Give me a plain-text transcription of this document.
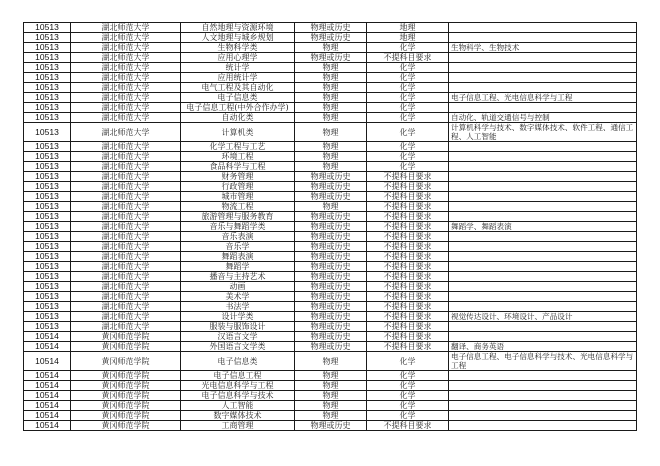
10513	湖北师范大学	自然地理与资源环境	物理或历史	地理	
10513	湖北师范大学	人文地理与城乡规划	物理或历史	地理	
10513	湖北师范大学	生物科学类	物理	化学	生物科学、生物技术
10513	湖北师范大学	应用心理学	物理或历史	不提科目要求	
10513	湖北师范大学	统计学	物理	化学	
10513	湖北师范大学	应用统计学	物理	化学	
10513	湖北师范大学	电气工程及其自动化	物理	化学	
10513	湖北师范大学	电子信息类	物理	化学	电子信息工程、光电信息科学与工程
10513	湖北师范大学	电子信息工程(中外合作办学)	物理	化学	
10513	湖北师范大学	自动化类	物理	化学	自动化、轨道交通信号与控制
10513	湖北师范大学	计算机类	物理	化学	计算机科学与技术、数字媒体技术、软件工程、通信工程、人工智能
10513	湖北师范大学	化学工程与工艺	物理	化学	
10513	湖北师范大学	环境工程	物理	化学	
10513	湖北师范大学	食品科学与工程	物理	化学	
10513	湖北师范大学	财务管理	物理或历史	不提科目要求	
10513	湖北师范大学	行政管理	物理或历史	不提科目要求	
10513	湖北师范大学	城市管理	物理或历史	不提科目要求	
10513	湖北师范大学	物流工程	物理	不提科目要求	
10513	湖北师范大学	旅游管理与服务教育	物理或历史	不提科目要求	
10513	湖北师范大学	音乐与舞蹈学类	物理或历史	不提科目要求	舞蹈学、舞蹈表演
10513	湖北师范大学	音乐表演	物理或历史	不提科目要求	
10513	湖北师范大学	音乐学	物理或历史	不提科目要求	
10513	湖北师范大学	舞蹈表演	物理或历史	不提科目要求	
10513	湖北师范大学	舞蹈学	物理或历史	不提科目要求	
10513	湖北师范大学	播音与主持艺术	物理或历史	不提科目要求	
10513	湖北师范大学	动画	物理或历史	不提科目要求	
10513	湖北师范大学	美术学	物理或历史	不提科目要求	
10513	湖北师范大学	书法学	物理或历史	不提科目要求	
10513	湖北师范大学	设计学类	物理或历史	不提科目要求	视觉传达设计、环境设计、产品设计
10513	湖北师范大学	服装与服饰设计	物理或历史	不提科目要求	
10514	黄冈师范学院	汉语言文学	物理或历史	不提科目要求	
10514	黄冈师范学院	外国语言文学类	物理或历史	不提科目要求	翻译、商务英语
10514	黄冈师范学院	电子信息类	物理	化学	电子信息工程、电子信息科学与技术、光电信息科学与工程
10514	黄冈师范学院	电子信息工程	物理	化学	
10514	黄冈师范学院	光电信息科学与工程	物理	化学	
10514	黄冈师范学院	电子信息科学与技术	物理	化学	
10514	黄冈师范学院	人工智能	物理	化学	
10514	黄冈师范学院	数字媒体技术	物理	化学	
10514	黄冈师范学院	工商管理	物理或历史	不提科目要求	
